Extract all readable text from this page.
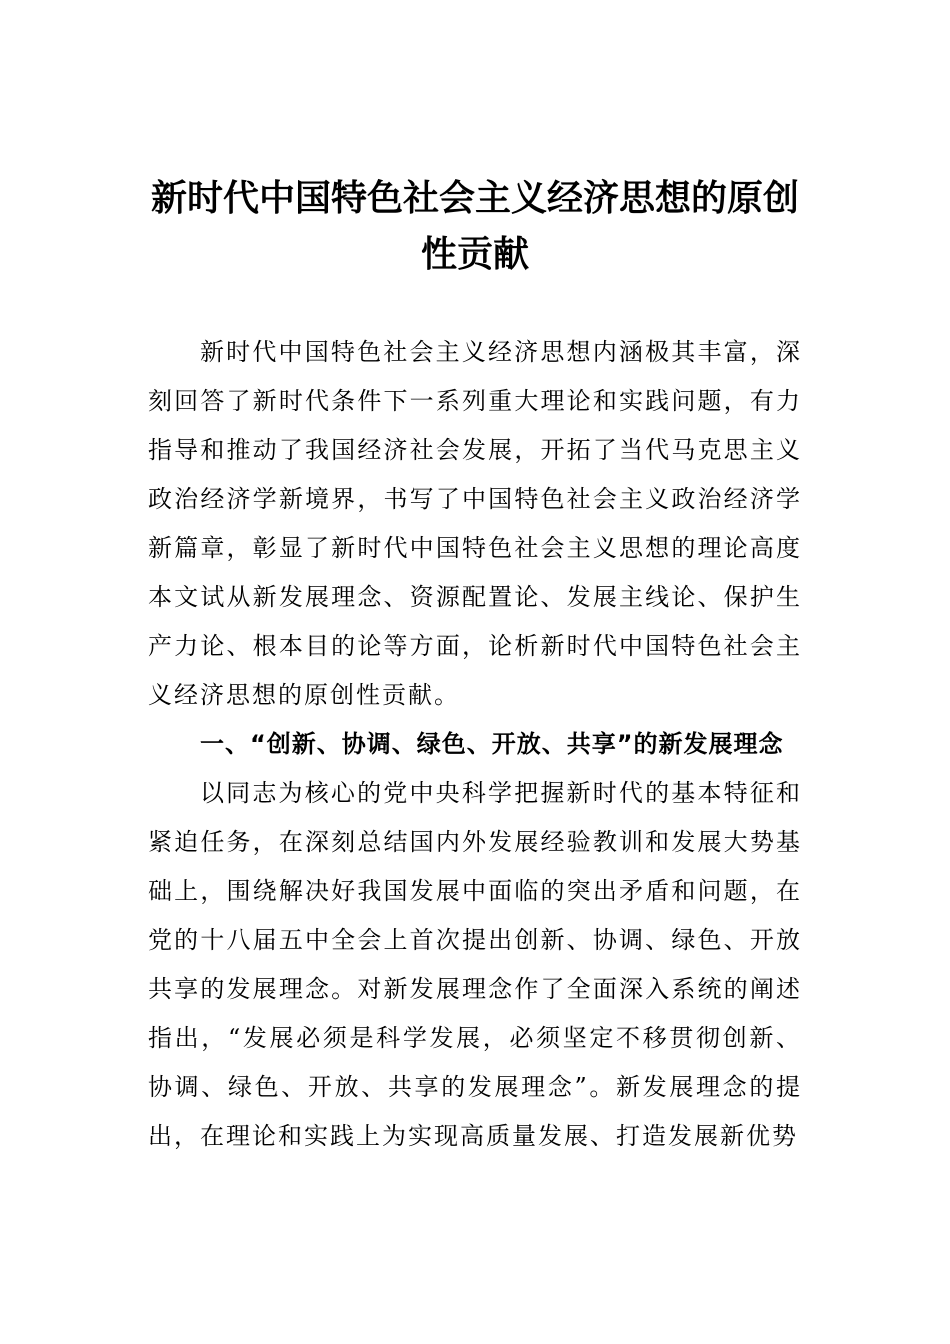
新时代中国特色社会主义经济思想的原创性贡献

新时代中国特色社会主义经济思想内涵极其丰富，深刻回答了新时代条件下一系列重大理论和实践问题，有力指导和推动了我国经济社会发展，开拓了当代马克思主义政治经济学新境界，书写了中国特色社会主义政治经济学新篇章，彰显了新时代中国特色社会主义思想的理论高度本文试从新发展理念、资源配置论、发展主线论、保护生产力论、根本目的论等方面，论析新时代中国特色社会主义经济思想的原创性贡献。

一、“创新、协调、绿色、开放、共享”的新发展理念

以同志为核心的党中央科学把握新时代的基本特征和紧迫任务，在深刻总结国内外发展经验教训和发展大势基础上，围绕解决好我国发展中面临的突出矛盾和问题，在党的十八届五中全会上首次提出创新、协调、绿色、开放共享的发展理念。对新发展理念作了全面深入系统的阐述指出，“发展必须是科学发展，必须坚定不移贯彻创新、协调、绿色、开放、共享的发展理念”。新发展理念的提出，在理论和实践上为实现高质量发展、打造发展新优势
